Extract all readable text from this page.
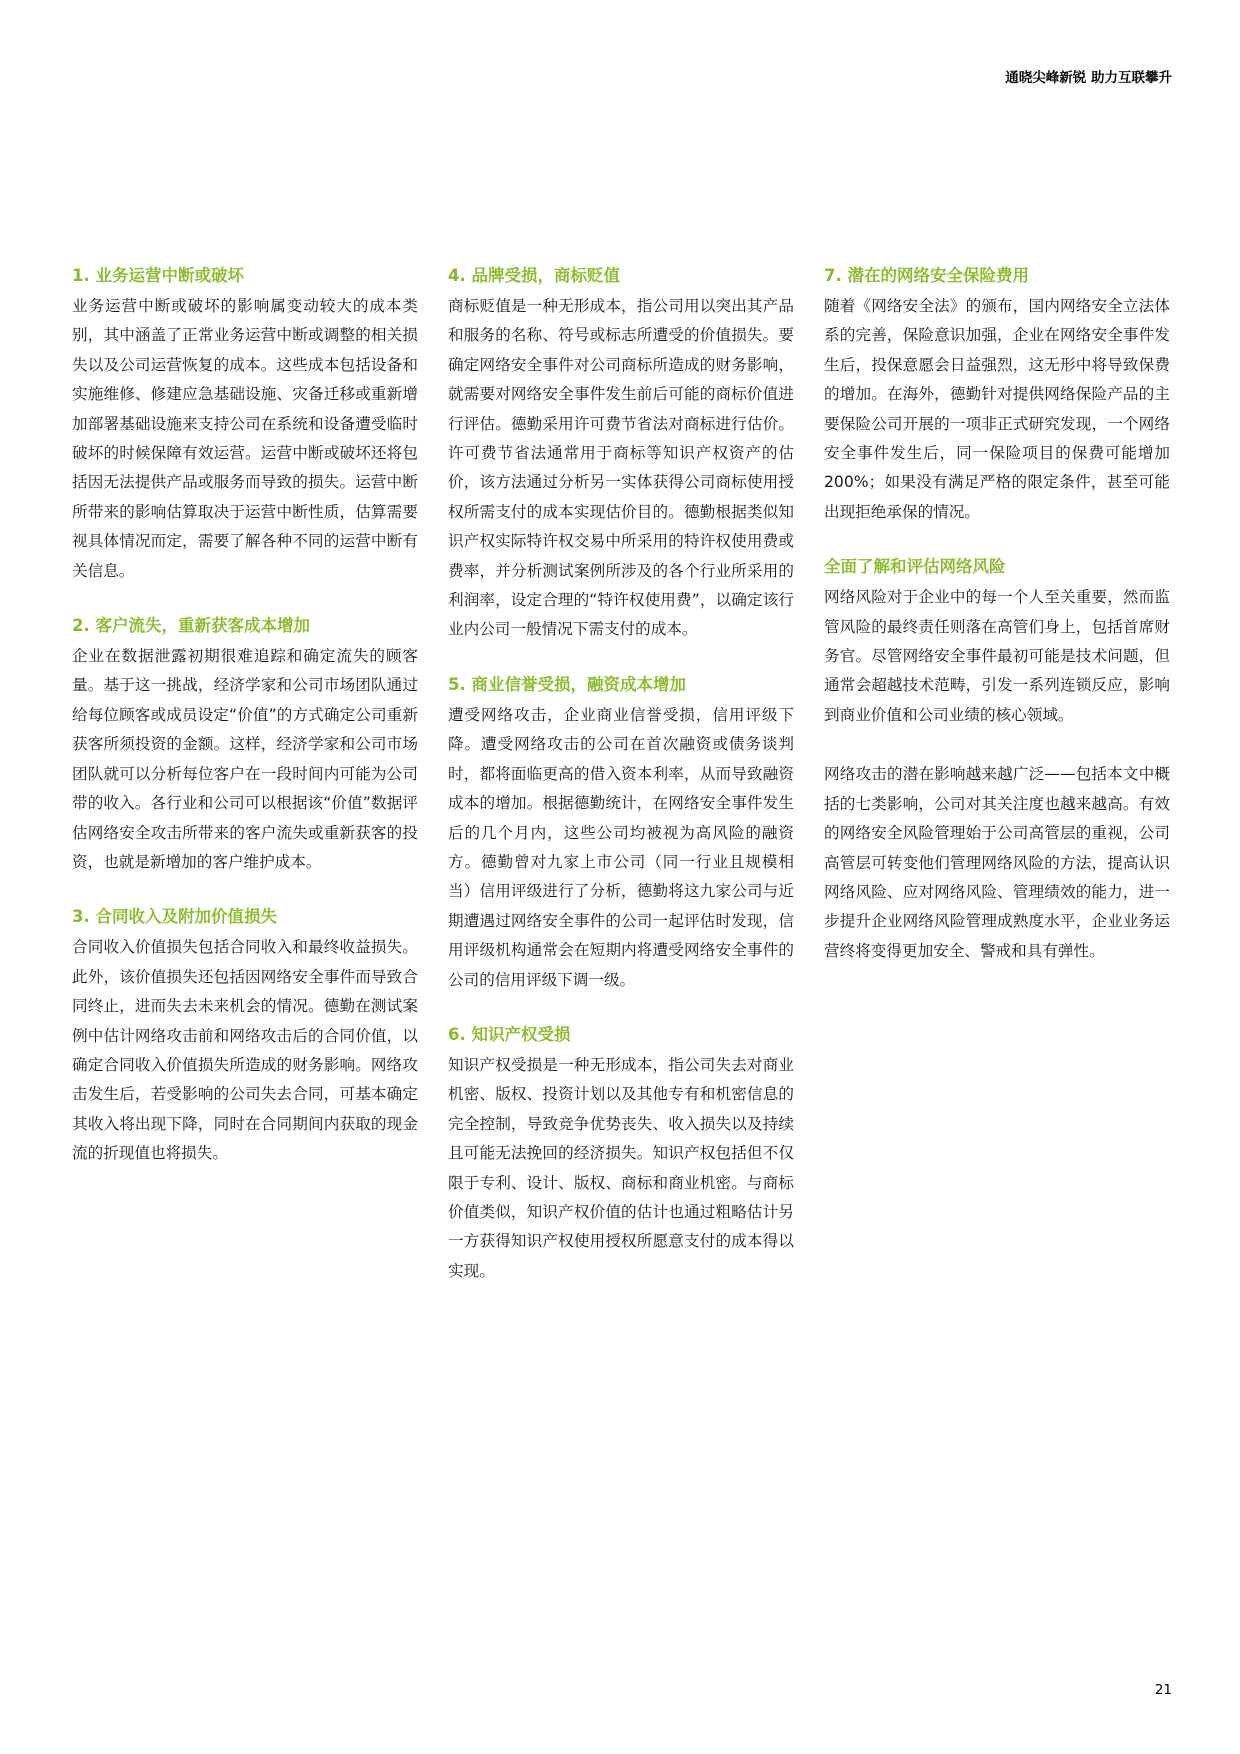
通晓尖峰新锐 助力互联攀升
1. 业务运营中断或破坏

业务运营中断或破坏的影响属变动较大的成本类别，其中涵盖了正常业务运营中断或调整的相关损失以及公司运营恢复的成本。这些成本包括设备和实施维修、修建应急基础设施、灾备迁移或重新增加部署基础设施来支持公司在系统和设备遭受临时破坏的时候保障有效运营。运营中断或破坏还将包括因无法提供产品或服务而导致的损失。运营中断所带来的影响估算取决于运营中断性质，估算需要视具体情况而定，需要了解各种不同的运营中断有关信息。

2. 客户流失，重新获客成本增加

企业在数据泄露初期很难追踪和确定流失的顾客量。基于这一挑战，经济学家和公司市场团队通过给每位顾客或成员设定“价值”的方式确定公司重新获客所须投资的金额。这样，经济学家和公司市场团队就可以分析每位客户在一段时间内可能为公司带的收入。各行业和公司可以根据该“价值”数据评估网络安全攻击所带来的客户流失或重新获客的投资，也就是新增加的客户维护成本。

3. 合同收入及附加价值损失

合同收入价值损失包括合同收入和最终收益损失。此外，该价值损失还包括因网络安全事件而导致合同终止，进而失去未来机会的情况。德勤在测试案例中估计网络攻击前和网络攻击后的合同价值，以确定合同收入价值损失所造成的财务影响。网络攻击发生后，若受影响的公司失去合同，可基本确定其收入将出现下降，同时在合同期间内获取的现金流的折现值也将损失。

4. 品牌受损，商标贬值

商标贬值是一种无形成本，指公司用以突出其产品和服务的名称、符号或标志所遭受的价值损失。要确定网络安全事件对公司商标所造成的财务影响，就需要对网络安全事件发生前后可能的商标价值进行评估。德勤采用许可费节省法对商标进行估价。许可费节省法通常用于商标等知识产权资产的估价，该方法通过分析另一实体获得公司商标使用授权所需支付的成本实现估价目的。德勤根据类似知识产权实际特许权交易中所采用的特许权使用费或费率，并分析测试案例所涉及的各个行业所采用的利润率，设定合理的“特许权使用费”，以确定该行业内公司一般情况下需支付的成本。

5. 商业信誉受损，融资成本增加

遭受网络攻击，企业商业信誉受损，信用评级下降。遭受网络攻击的公司在首次融资或债务谈判时，都将面临更高的借入资本利率，从而导致融资成本的增加。根据德勤统计，在网络安全事件发生后的几个月内，这些公司均被视为高风险的融资方。德勤曾对九家上市公司（同一行业且规模相当）信用评级进行了分析，德勤将这九家公司与近期遭遇过网络安全事件的公司一起评估时发现，信用评级机构通常会在短期内将遭受网络安全事件的公司的信用评级下调一级。

6. 知识产权受损

知识产权受损是一种无形成本，指公司失去对商业机密、版权、投资计划以及其他专有和机密信息的完全控制，导致竞争优势丧失、收入损失以及持续且可能无法挽回的经济损失。知识产权包括但不仅限于专利、设计、版权、商标和商业机密。与商标价值类似，知识产权价值的估计也通过粗略估计另一方获得知识产权使用授权所愿意支付的成本得以实现。

7. 潜在的网络安全保险费用

随着《网络安全法》的颁布，国内网络安全立法体系的完善，保险意识加强，企业在网络安全事件发生后，投保意愿会日益强烈，这无形中将导致保费的增加。在海外，德勤针对提供网络保险产品的主要保险公司开展的一项非正式研究发现，一个网络安全事件发生后，同一保险项目的保费可能增加200%；如果没有满足严格的限定条件，甚至可能出现拒绝承保的情况。

全面了解和评估网络风险

网络风险对于企业中的每一个人至关重要，然而监管风险的最终责任则落在高管们身上，包括首席财务官。尽管网络安全事件最初可能是技术问题，但通常会超越技术范畴，引发一系列连锁反应，影响到商业价值和公司业绩的核心领域。

网络攻击的潜在影响越来越广泛——包括本文中概括的七类影响，公司对其关注度也越来越高。有效的网络安全风险管理始于公司高管层的重视，公司高管层可转变他们管理网络风险的方法，提高认识网络风险、应对网络风险、管理绩效的能力，进一步提升企业网络风险管理成熟度水平，企业业务运营终将变得更加安全、警戒和具有弹性。

21
